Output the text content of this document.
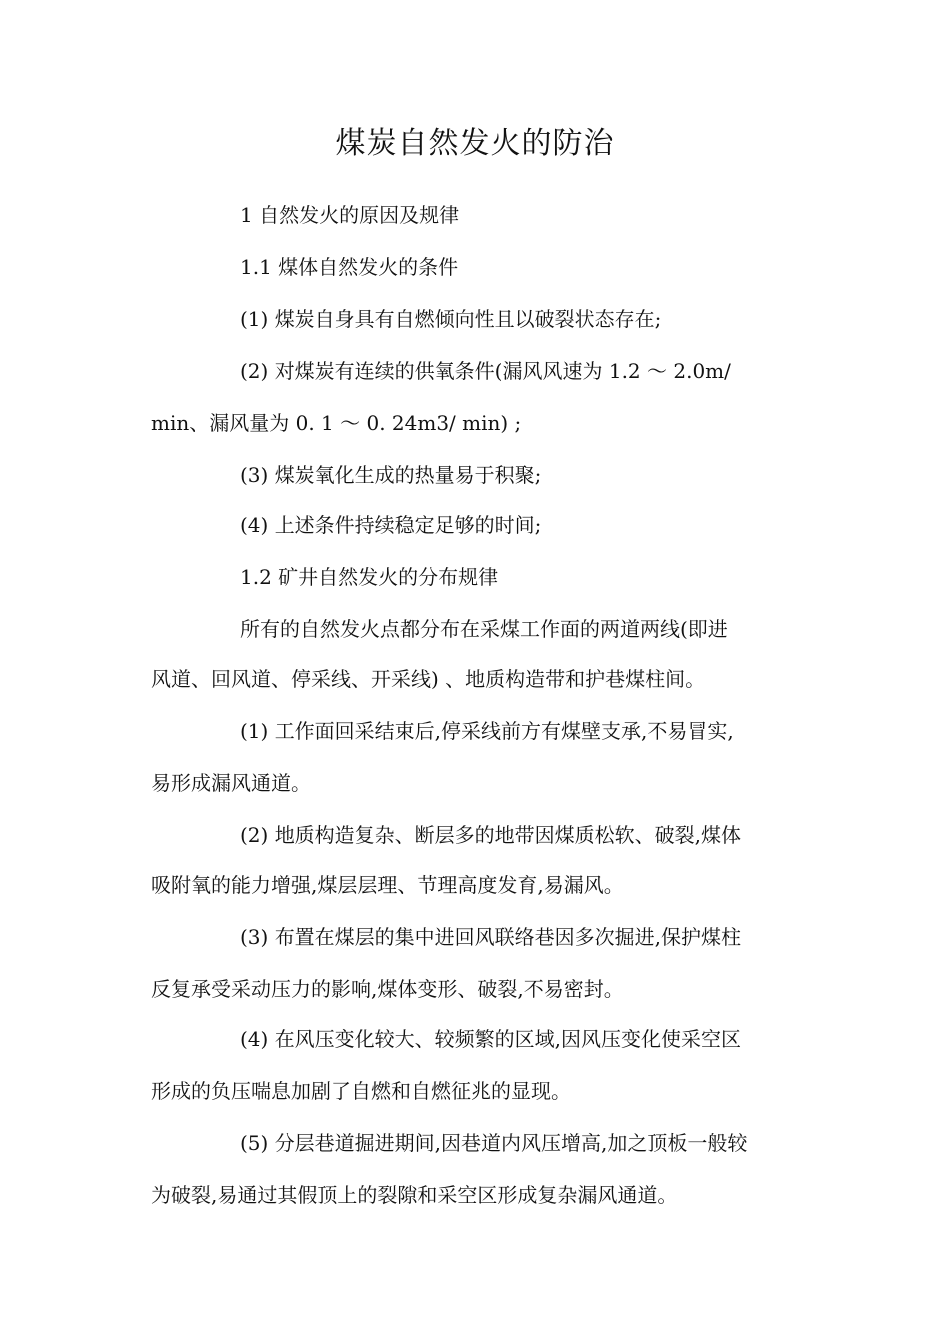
煤炭自然发火的防治

1 自然发火的原因及规律

1.1 煤体自然发火的条件

(1) 煤炭自身具有自燃倾向性且以破裂状态存在;

(2) 对煤炭有连续的供氧条件(漏风风速为 1.2 ～ 2.0m/

min、漏风量为 0. 1 ～ 0. 24m3/ min) ;

(3) 煤炭氧化生成的热量易于积聚;

(4) 上述条件持续稳定足够的时间;

1.2 矿井自然发火的分布规律

所有的自然发火点都分布在采煤工作面的两道两线(即进

风道、回风道、停采线、开采线) 、地质构造带和护巷煤柱间。

(1) 工作面回采结束后,停采线前方有煤壁支承,不易冒实,

易形成漏风通道。

(2) 地质构造复杂、断层多的地带因煤质松软、破裂,煤体

吸附氧的能力增强,煤层层理、节理高度发育,易漏风。

(3) 布置在煤层的集中进回风联络巷因多次掘进,保护煤柱

反复承受采动压力的影响,煤体变形、破裂,不易密封。

(4) 在风压变化较大、较频繁的区域,因风压变化使采空区

形成的负压喘息加剧了自燃和自燃征兆的显现。

(5) 分层巷道掘进期间,因巷道内风压增高,加之顶板一般较

为破裂,易通过其假顶上的裂隙和采空区形成复杂漏风通道。
